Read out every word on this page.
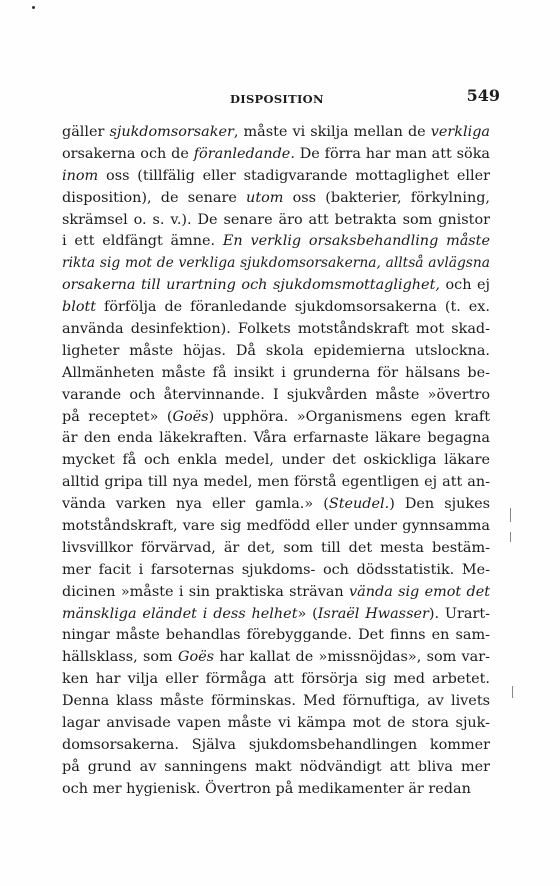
DISPOSITION	549
gäller sjukdomsorsaker, måste vi skilja mellan de verkliga
orsakerna och de föranledande. De förra har man att söka
inom oss (tillfälig eller stadigvarande mottaglighet eller
disposition), de senare utom oss (bakterier, förkylning,
skrämsel o. s. v.). De senare äro att betrakta som gnistor
i ett eldfängt ämne. En verklig orsaksbehandling måste
rikta sig mot de verkliga sjukdomsorsakerna, alltså avlägsna
orsakerna till urartning och sjukdomsmottaglighet, och ej
blott förfölja de föranledande sjukdomsorsakerna (t. ex.
använda desinfektion). Folkets motståndskraft mot skad-
ligheter måste höjas. Då skola epidemierna utslockna.
Allmänheten måste få insikt i grunderna för hälsans be-
varande och återvinnande. I sjukvården måste »övertro
på receptet» (Goës) upphöra. »Organismens egen kraft
är den enda läkekraften. Våra erfarnaste läkare begagna
mycket få och enkla medel, under det oskickliga läkare
alltid gripa till nya medel, men förstå egentligen ej att an-
vända varken nya eller gamla.» (Steudel.) Den sjukes
motståndskraft, vare sig medfödd eller under gynnsamma
livsvillkor förvärvad, är det, som till det mesta bestäm-
mer facit i farsoternas sjukdoms- och dödsstatistik. Me-
dicinen »måste i sin praktiska strävan vända sig emot det
mänskliga eländet i dess helhet» (Israël Hwasser). Urart-
ningar måste behandlas förebyggande. Det finns en sam-
hällsklass, som Goës har kallat de »missnöjdas», som var-
ken har vilja eller förmåga att försörja sig med arbetet.
Denna klass måste förminskas. Med förnuftiga, av livets
lagar anvisade vapen måste vi kämpa mot de stora sjuk-
domsorsakerna. Själva sjukdomsbehandlingen kommer
på grund av sanningens makt nödvändigt att bliva mer
och mer hygienisk. Övertron på medikamenter är redan
